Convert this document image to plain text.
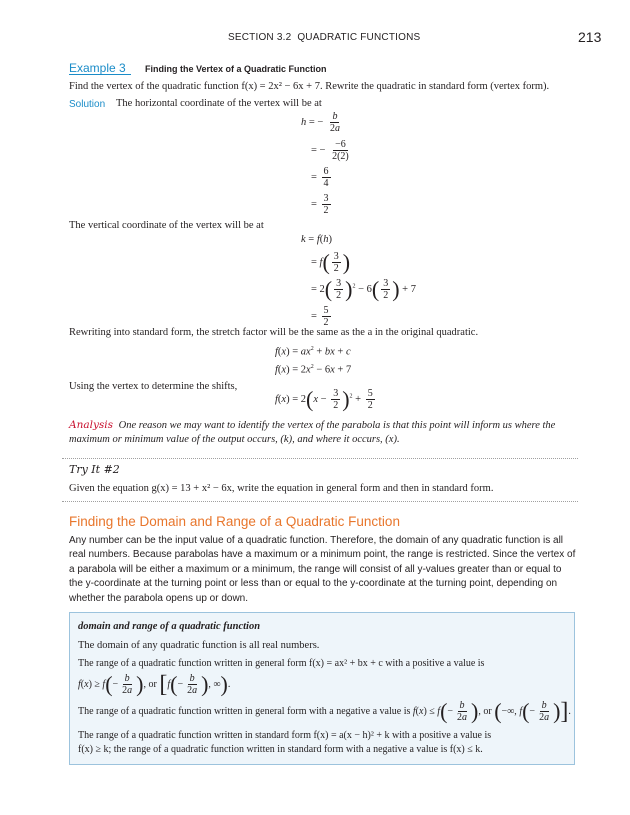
SECTION 3.2 QUADRATIC FUNCTIONS	213
Example 3 Finding the Vertex of a Quadratic Function
Find the vertex of the quadratic function f(x) = 2x² − 6x + 7. Rewrite the quadratic in standard form (vertex form).
Solution The horizontal coordinate of the vertex will be at
h = − $\frac{b}{2a}$
= − $\frac{-6}{2(2)}$
= $\frac{6}{4}$
= $\frac{3}{2}$
The vertical coordinate of the vertex will be at
k = f(h)
= $f( \frac{3}{2}$ )
= $2( \frac{3}{2} )^2 - 6( \frac{3}{2}$ ) + 7
= $\frac{5}{2}$
Rewriting into standard form, the stretch factor will be the same as the a in the original quadratic.
$f(x) = ax^2$ + bx + c
$f(x) = 2x^2 - 6x + 7$
Using the vertex to determine the shifts,
$f(x) = 2(x - \frac{3}{2} )^2 + \frac{5}{2}$
Analysis One reason we may want to identify the vertex of the parabola is that this point will inform us where the maximum or minimum value of the output occurs, (k), and where it occurs, (x).
Try It #2
Given the equation g(x) = 13 + x² − 6x, write the equation in general form and then in standard form.
Finding the Domain and Range of a Quadratic Function
Any number can be the input value of a quadratic function. Therefore, the domain of any quadratic function is all real numbers. Because parabolas have a maximum or a minimum point, the range is restricted. Since the vertex of a parabola will be either a maximum or a minimum, the range will consist of all y-values greater than or equal to the y-coordinate at the turning point or less than or equal to the y-coordinate at the turning point, depending on whether the parabola opens up or down.
domain and range of a quadratic function
The domain of any quadratic function is all real numbers.
The range of a quadratic function written in general form f(x) = ax² + bx + c with a positive a value is
$f(x) \ge f(- \frac{b}{2a}$ ), or [$f(- \frac{b}{2a}$ ), ∞).
The range of a quadratic function written in general form with a negative a value is $f(x) \le f(- \frac{b}{2a}$ ), or (−∞, $f(- \frac{b}{2a}$ )].
The range of a quadratic function written in standard form f(x) = a(x − h)² + k with a positive a value is
f(x) ≥ k; the range of a quadratic function written in standard form with a negative a value is f(x) ≤ k.
